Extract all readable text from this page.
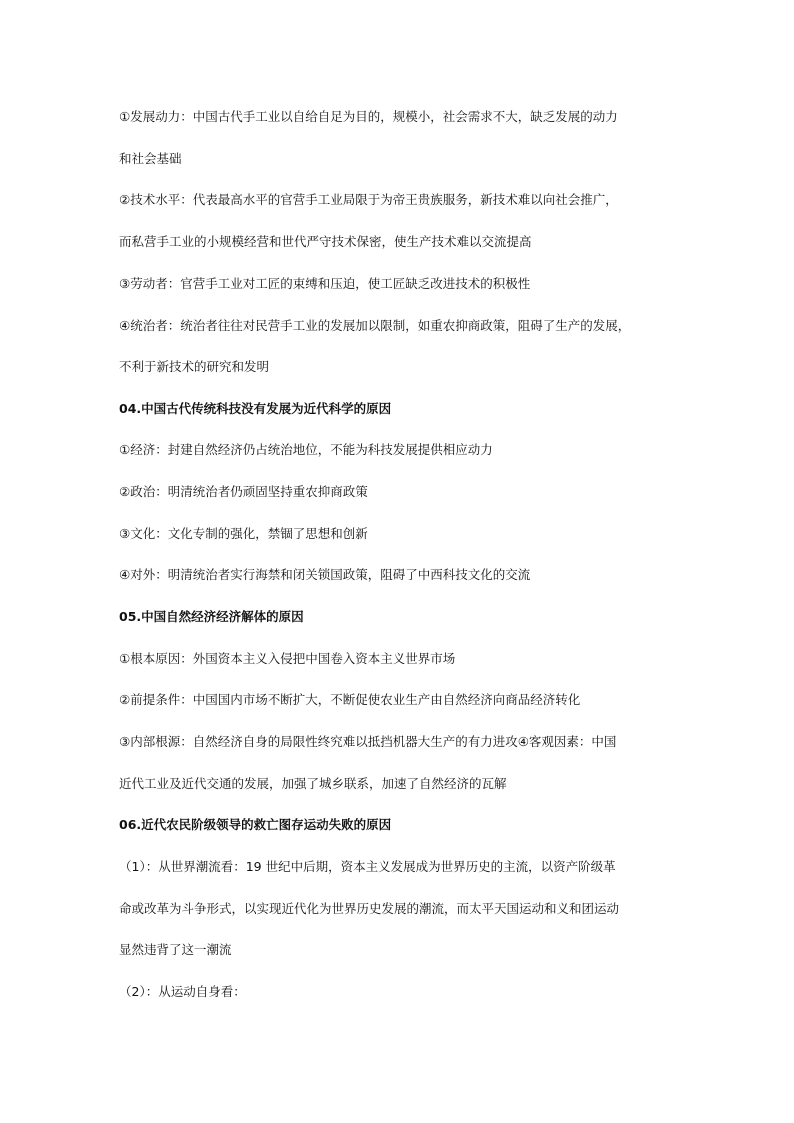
①发展动力：中国古代手工业以自给自足为目的，规模小，社会需求不大，缺乏发展的动力
和社会基础
②技术水平：代表最高水平的官营手工业局限于为帝王贵族服务，新技术难以向社会推广，
而私营手工业的小规模经营和世代严守技术保密，使生产技术难以交流提高
③劳动者：官营手工业对工匠的束缚和压迫，使工匠缺乏改进技术的积极性
④统治者：统治者往往对民营手工业的发展加以限制，如重农抑商政策，阻碍了生产的发展，
不利于新技术的研究和发明
04.中国古代传统科技没有发展为近代科学的原因
①经济：封建自然经济仍占统治地位，不能为科技发展提供相应动力
②政治：明清统治者仍顽固坚持重农抑商政策
③文化：文化专制的强化，禁锢了思想和创新
④对外：明清统治者实行海禁和闭关锁国政策，阻碍了中西科技文化的交流
05.中国自然经济经济解体的原因
①根本原因：外国资本主义入侵把中国卷入资本主义世界市场
②前提条件：中国国内市场不断扩大，不断促使农业生产由自然经济向商品经济转化
③内部根源：自然经济自身的局限性终究难以抵挡机器大生产的有力进攻④客观因素：中国
近代工业及近代交通的发展，加强了城乡联系，加速了自然经济的瓦解
06.近代农民阶级领导的救亡图存运动失败的原因
（1）：从世界潮流看：19 世纪中后期，资本主义发展成为世界历史的主流，以资产阶级革
命或改革为斗争形式，以实现近代化为世界历史发展的潮流，而太平天国运动和义和团运动
显然违背了这一潮流
（2）：从运动自身看：
